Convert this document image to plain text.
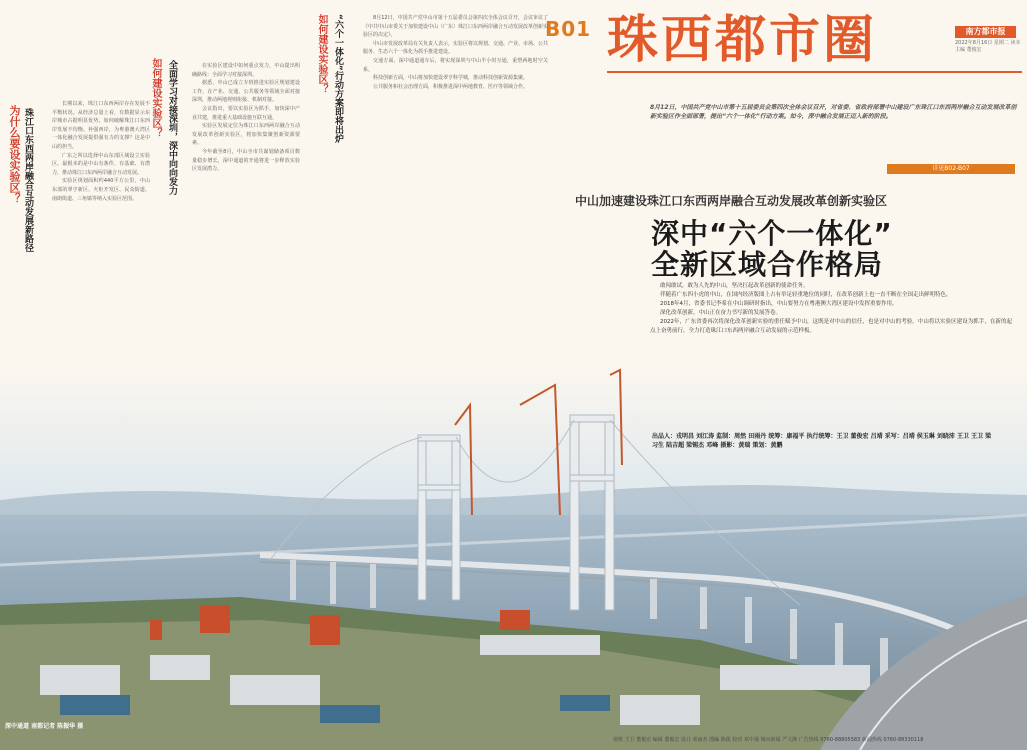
B01 珠西都市圈	南方都市报
2022年8月16日 星期二 读本主编 董俊宏
为什么要设实验区？ 珠江口东西两岸融合互动发展新路径

长期以来，珠江口东西两岸存在发展不平衡状况。从经济总量上看，有数据显示东岸城市占据明显优势，如何破解珠江口东西岸发展不均衡、补强西岸，为粤港澳大湾区一体化融合发展提供强有力的支撑？这是中山的担当。

广东之所以选择中山东部区域设立实验区，最根本的是中山有条件、有基础、有潜力，推动珠江口东西两岸融合互动发展。

实验区规划面积约440平方公里，中山东部的翠亨新区、火炬开发区、民众街道、南朗街道、三角镇等纳入实验区范围。

如何建设实验区？ 全面学习对接深圳，深中向向发力	在实验区建设中如何重点发力，中山提出明确路线：全面学习对接深圳。

据悉，中山已成立专班推进实验区规划建设工作，在产业、交通、公共服务等领域全面对接深圳，推动两地规则衔接、机制对接。

会议指出，要以实验区为抓手，加快深中产业共建，推进重大基础设施互联互通。

实验区发展定位为珠江口东西两岸融合互动发展改革创新实验区，将加快集聚创新资源要素。

今年截至8月，中山全市共谋划储备项目数量稳步增长，深中通道的开通将进一步释放实验区发展潜力。

如何建设实验区？ “六个一体化”行动方案即将出炉	8月12日，中国共产党中山市第十五届委员会第四次全体会议召开，会议审议了《中共中山市委关于加快建设中山（广东）珠江口东西两岸融合互动发展改革创新实验区的决定》。

中山市发展改革局有关负责人表示，实验区将以规划、交通、产业、市场、公共服务、生态六个一体化为抓手推进建设。

交通方面，深中通道通车后，将实现深圳与中山半小时互通，重塑两地时空关系。

科技创新方面，中山将加快建设翠亨科学城，推动科技创新资源集聚。

公共服务和社会治理方面，积极推进深中两地教育、医疗等领域合作。

8月12日，中国共产党中山市第十五届委员会第四次全体会议召开，对省委、省政府部署中山建设广东珠江口东西两岸融合互动发展改革创新实验区作全面部署，提出“六个一体化”行动方案。如今，深中融合发展正迈入新的阶段。
详见B02-B07
中山加速建设珠江口东西两岸融合互动发展改革创新实验区
深中“六个一体化”
全新区域合作格局

敢闯敢试，敢为人先的中山，坚决扛起改革创新的使命任务。

伴随着广东四小虎的中山，在国内经济版图上占有举足轻重地位的同时，在改革创新上也一直不断在全国走出鲜明特色。

2018年4月，省委书记李希在中山调研时指出，中山要努力在粤港澳大湾区建设中发挥重要作用。

深化改革创新，中山正在奋力书写新的发展答卷。

2022年，广东省委再次将深化改革创新实验的重任赋予中山，这既是对中山的信任，也是对中山的考验。中山将以实验区建设为抓手，在新的起点上奋勇前行，全力打造珠江口东西两岸融合互动发展的示范样板。

出品人：戎明昌 刘江涛 监制：周然 田雨丹 统筹：康福平 执行统筹：王卫 董俊宏 吕靖 采写：吕靖 侯玉琳 刘晓沛 王卫 王卫 梁习生 陆吉超 梁锡杰 邓峰 摄影：黄瑞 策划：黄鹏
深中通道 南都记者 陈振华 摄
值班 王卫 董俊宏 编辑 董俊宏 设计 邓丽杰 图编 陈俊 校对 邓中强 城市新闻 严文静 广告热线 0760-88805583 新闻热线 0760-88330118
